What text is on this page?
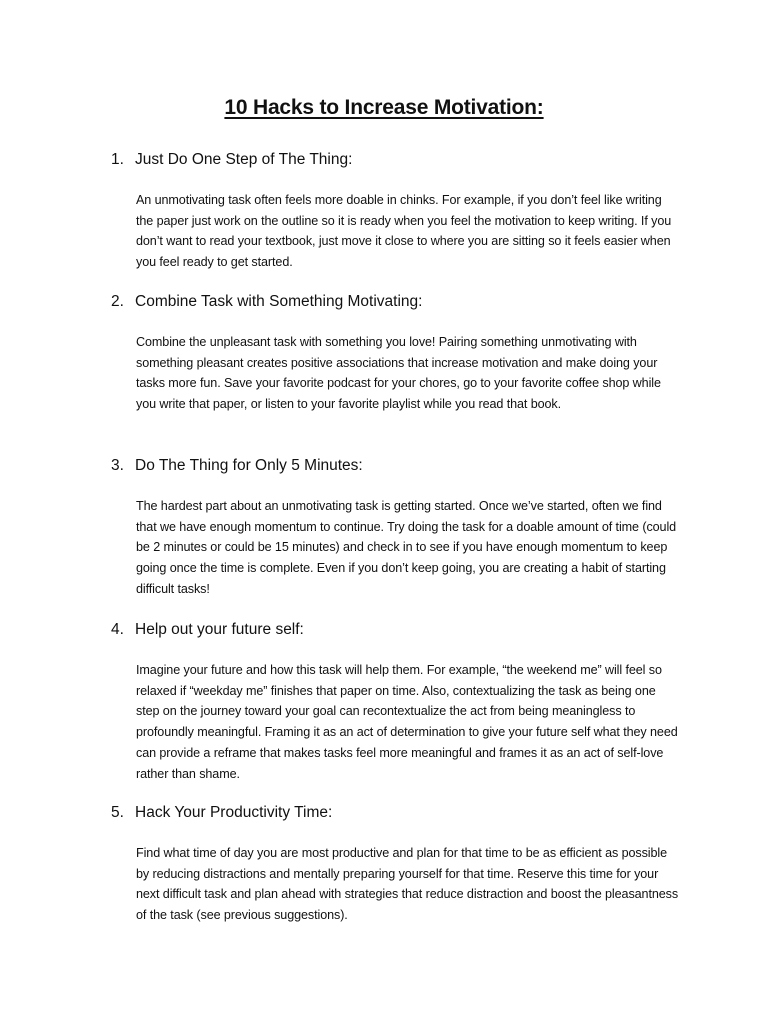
10 Hacks to Increase Motivation:
1. Just Do One Step of The Thing:

An unmotivating task often feels more doable in chinks. For example, if you don’t feel like writing the paper just work on the outline so it is ready when you feel the motivation to keep writing. If you don’t want to read your textbook, just move it close to where you are sitting so it feels easier when you feel ready to get started.

2. Combine Task with Something Motivating:

Combine the unpleasant task with something you love! Pairing something unmotivating with something pleasant creates positive associations that increase motivation and make doing your tasks more fun. Save your favorite podcast for your chores, go to your favorite coffee shop while you write that paper, or listen to your favorite playlist while you read that book.

3. Do The Thing for Only 5 Minutes:

The hardest part about an unmotivating task is getting started. Once we’ve started, often we find that we have enough momentum to continue. Try doing the task for a doable amount of time (could be 2 minutes or could be 15 minutes) and check in to see if you have enough momentum to keep going once the time is complete. Even if you don’t keep going, you are creating a habit of starting difficult tasks!

4. Help out your future self:

Imagine your future and how this task will help them. For example, “the weekend me” will feel so relaxed if “weekday me” finishes that paper on time. Also, contextualizing the task as being one step on the journey toward your goal can recontextualize the act from being meaningless to profoundly meaningful. Framing it as an act of determination to give your future self what they need can provide a reframe that makes tasks feel more meaningful and frames it as an act of self-love rather than shame.

5. Hack Your Productivity Time:

Find what time of day you are most productive and plan for that time to be as efficient as possible by reducing distractions and mentally preparing yourself for that time. Reserve this time for your next difficult task and plan ahead with strategies that reduce distraction and boost the pleasantness of the task (see previous suggestions).
